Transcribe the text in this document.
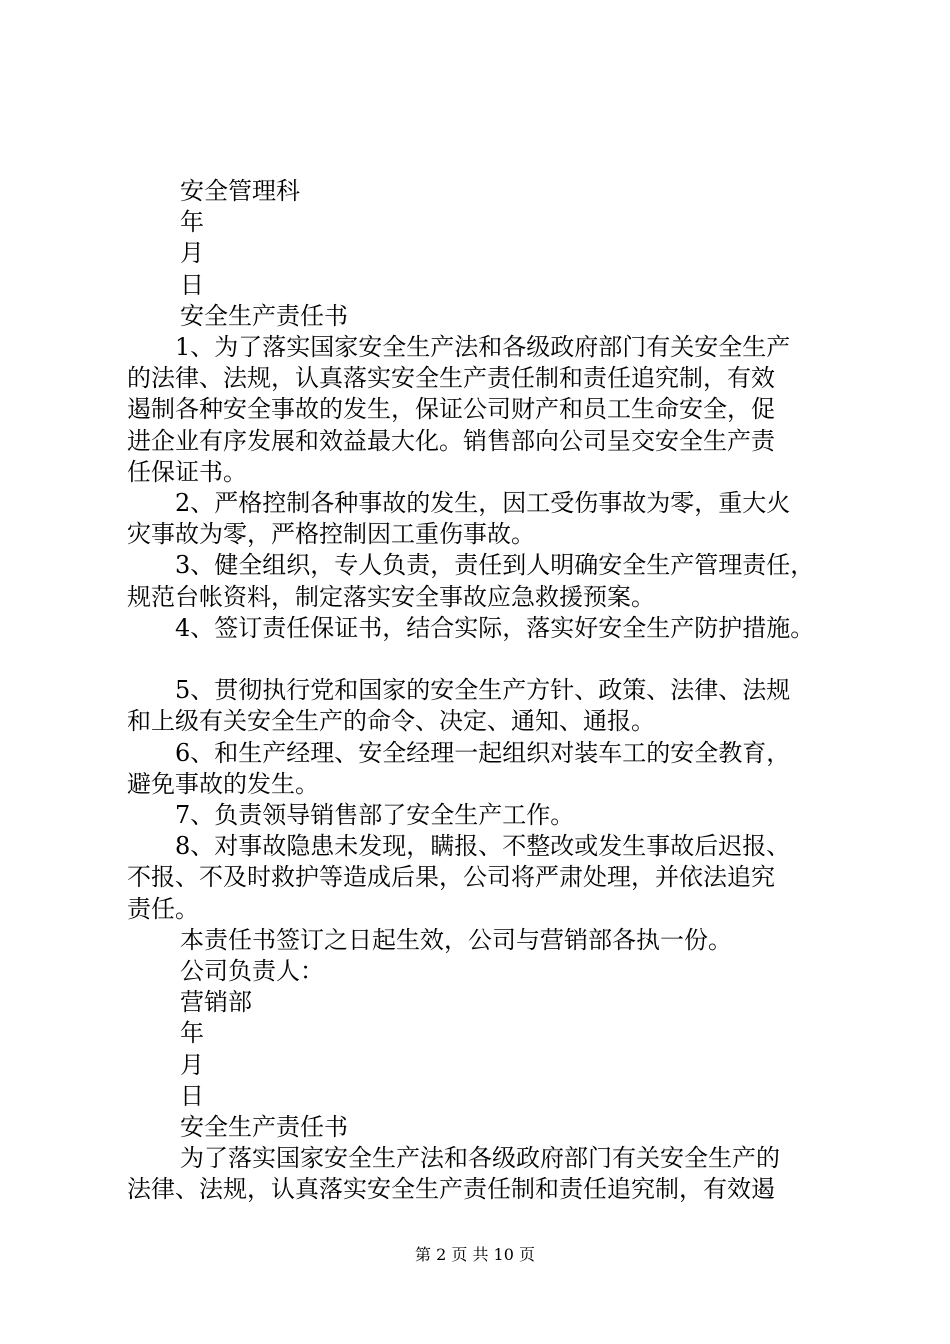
安全管理科

年

月

日

安全生产责任书

1、为了落实国家安全生产法和各级政府部门有关安全生产

的法律、法规，认真落实安全生产责任制和责任追究制，有效

遏制各种安全事故的发生，保证公司财产和员工生命安全，促

进企业有序发展和效益最大化。销售部向公司呈交安全生产责

任保证书。

2、严格控制各种事故的发生，因工受伤事故为零，重大火

灾事故为零，严格控制因工重伤事故。

3、健全组织，专人负责，责任到人明确安全生产管理责任，

规范台帐资料，制定落实安全事故应急救援预案。

4、签订责任保证书，结合实际，落实好安全生产防护措施。

5、贯彻执行党和国家的安全生产方针、政策、法律、法规

和上级有关安全生产的命令、决定、通知、通报。

6、和生产经理、安全经理一起组织对装车工的安全教育，

避免事故的发生。

7、负责领导销售部了安全生产工作。

8、对事故隐患未发现，瞒报、不整改或发生事故后迟报、

不报、不及时救护等造成后果，公司将严肃处理，并依法追究

责任。

本责任书签订之日起生效，公司与营销部各执一份。

公司负责人：

营销部

年

月

日

安全生产责任书

为了落实国家安全生产法和各级政府部门有关安全生产的

法律、法规，认真落实安全生产责任制和责任追究制，有效遏

第 2 页 共 10 页
